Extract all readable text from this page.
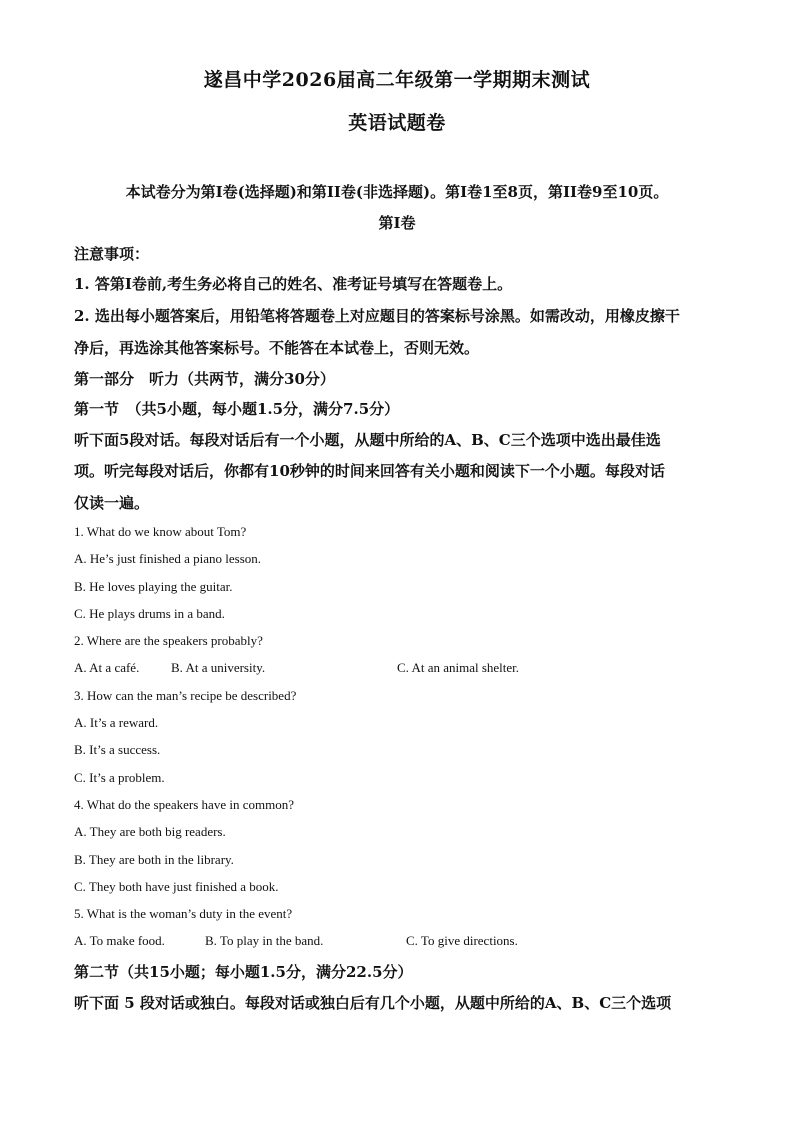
遂昌中学2026届高二年级第一学期期末测试
英语试题卷
本试卷分为第I卷(选择题)和第II卷(非选择题)。第I卷1至8页，第II卷9至10页。
第I卷
注意事项：
1. 答第I卷前,考生务必将自己的姓名、准考证号填写在答题卷上。
2. 选出每小题答案后，用铅笔将答题卷上对应题目的答案标号涂黑。如需改动，用橡皮擦干
净后，再选涂其他答案标号。不能答在本试卷上，否则无效。
第一部分　听力（共两节，满分30分）
第一节　（共5小题，每小题1.5分，满分7.5分）
听下面5段对话。每段对话后有一个小题，从题中所给的A、B、C三个选项中选出最佳选
项。听完每段对话后，你都有10秒钟的时间来回答有关小题和阅读下一个小题。每段对话
仅读一遍。
1. What do we know about Tom?
A. He’s just finished a piano lesson.
B. He loves playing the guitar.
C. He plays drums in a band.
2. Where are the speakers probably?
A. At a café. B. At a university.	C. At an animal shelter.
3. How can the man’s recipe be described?
A. It’s a reward.
B. It’s a success.
C. It’s a problem.
4. What do the speakers have in common?
A. They are both big readers.
B. They are both in the library.
C. They both have just finished a book.
5. What is the woman’s duty in the event?
A. To make food.	B. To play in the band.	C. To give directions.
第二节（共15小题；每小题1.5分，满分22.5分）
听下面 5 段对话或独白。每段对话或独白后有几个小题，从题中所给的A、B、C三个选项
